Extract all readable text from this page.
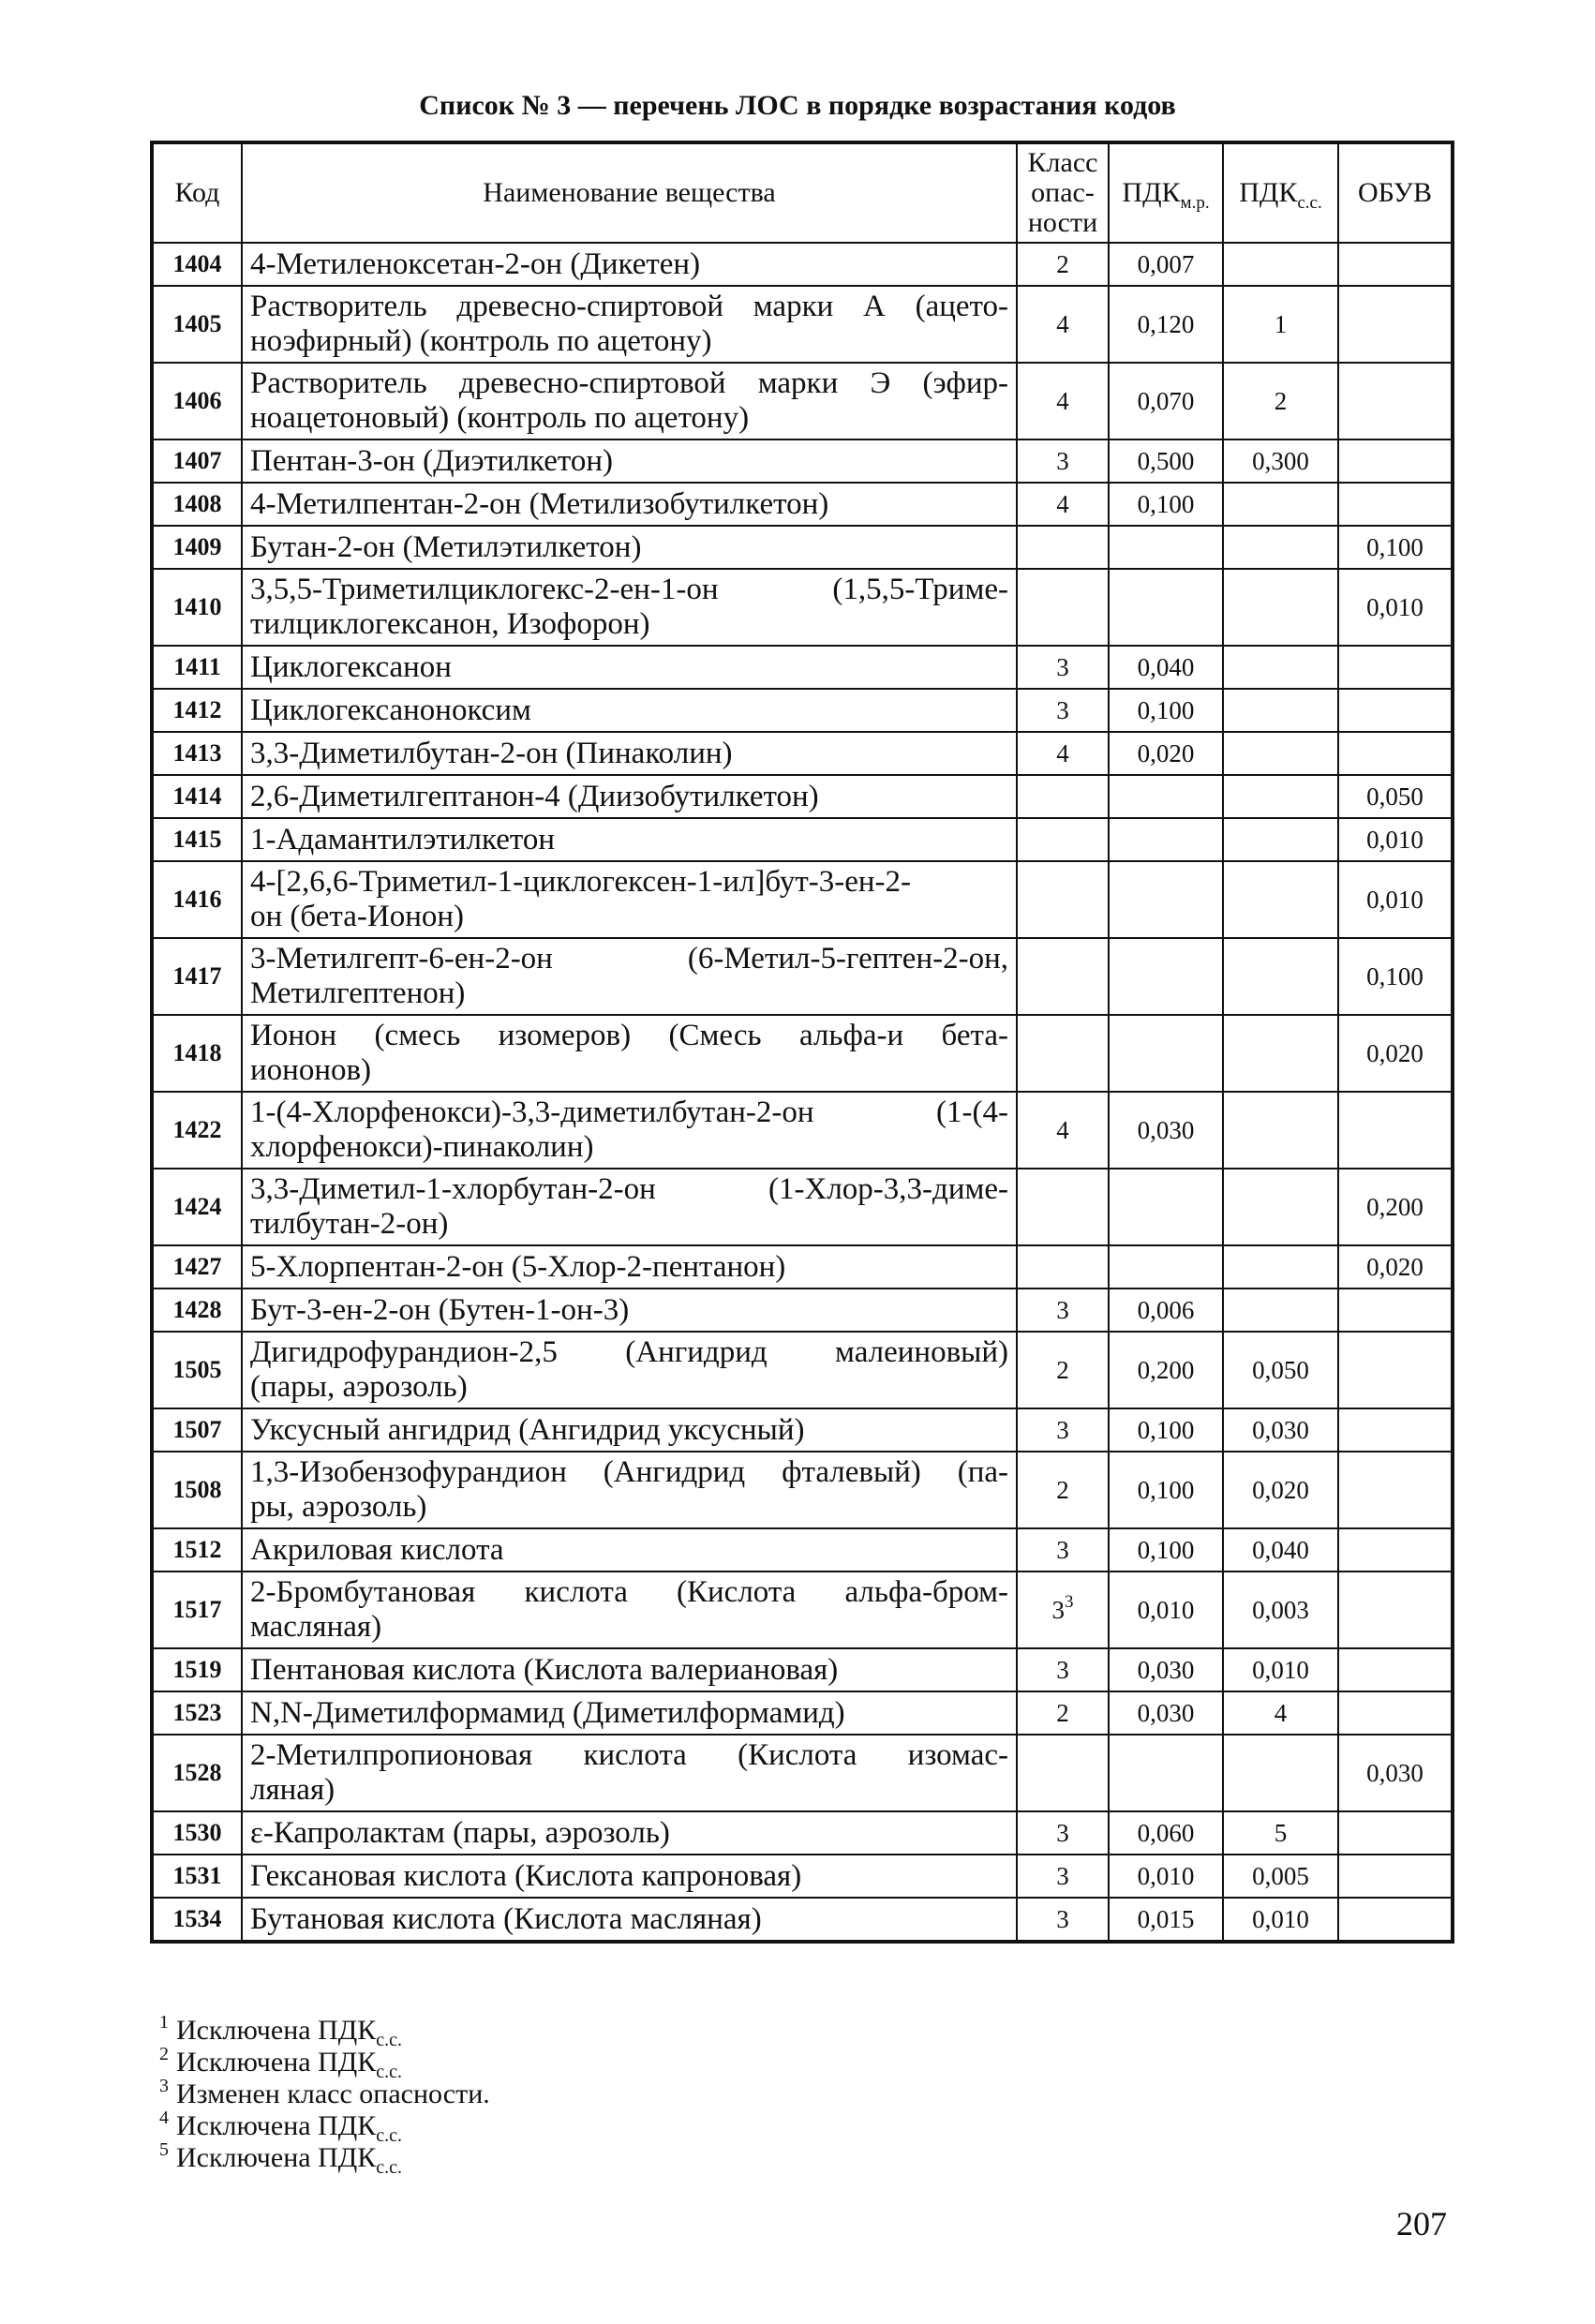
Список № 3 — перечень ЛОС в порядке возрастания кодов
Код	Наименование вещества	Класс
опас-
ности	$ПДК_{м.р.}$	$ПДК_{с.с.}$	ОБУВ
1404	4-Метиленоксетан-2-он (Дикетен)	2	0,007		
1405	Растворитель древесно-спиртовой марки А (ацето-
ноэфирный) (контроль по ацетону)	4	0,120	1	
1406	Растворитель древесно-спиртовой марки Э (эфир-
ноацетоновый) (контроль по ацетону)	4	0,070	2	
1407	Пентан-3-он (Диэтилкетон)	3	0,500	0,300	
1408	4-Метилпентан-2-он (Метилизобутилкетон)	4	0,100		
1409	Бутан-2-он (Метилэтилкетон)				0,100
1410	3,5,5-Триметилциклогекс-2-ен-1-он (1,5,5-Триме-
тилциклогексанон, Изофорон)				0,010
1411	Циклогексанон	3	0,040		
1412	Циклогексаноноксим	3	0,100		
1413	3,3-Диметилбутан-2-он (Пинаколин)	4	0,020		
1414	2,6-Диметилгептанон-4 (Диизобутилкетон)				0,050
1415	1-Адамантилэтилкетон				0,010
1416	4-[2,6,6-Триметил-1-циклогексен-1-ил]бут-3-ен-2-
он (бета-Ионон)				0,010
1417	3-Метилгепт-6-ен-2-он (6-Метил-5-гептен-2-он,
Метилгептенон)				0,100
1418	Ионон (смесь изомеров) (Смесь альфа-и бета-
иононов)				0,020
1422	1-(4-Хлорфенокси)-3,3-диметилбутан-2-он (1-(4-
хлорфенокси)-пинаколин)	4	0,030		
1424	3,3-Диметил-1-хлорбутан-2-он (1-Хлор-3,3-диме-
тилбутан-2-он)				0,200
1427	5-Хлорпентан-2-он (5-Хлор-2-пентанон)				0,020
1428	Бут-3-ен-2-он (Бутен-1-он-3)	3	0,006		
1505	Дигидрофурандион-2,5 (Ангидрид малеиновый)
(пары, аэрозоль)	2	0,200	0,050	
1507	Уксусный ангидрид (Ангидрид уксусный)	3	0,100	0,030	
1508	1,3-Изобензофурандион (Ангидрид фталевый) (па-
ры, аэрозоль)	2	0,100	0,020	
1512	Акриловая кислота	3	0,100	0,040	
1517	2-Бромбутановая кислота (Кислота альфа-бром-
масляная)	$3^3$	0,010	0,003	
1519	Пентановая кислота (Кислота валериановая)	3	0,030	0,010	
1523	N,N-Диметилформамид (Диметилформамид)	2	0,030	4	
1528	2-Метилпропионовая кислота (Кислота изомас-
ляная)				0,030
1530	ε-Капролактам (пары, аэрозоль)	3	0,060	5	
1531	Гексановая кислота (Кислота капроновая)	3	0,010	0,005	
1534	Бутановая кислота (Кислота масляная)	3	0,015	0,010	
$^1$ Исключена $ПДК_{с.с.}$
$^2$ Исключена $ПДК_{с.с.}$
$^3$ Изменен класс опасности.
$^4$ Исключена $ПДК_{с.с.}$
$^5$ Исключена $ПДК_{с.с.}$
207
